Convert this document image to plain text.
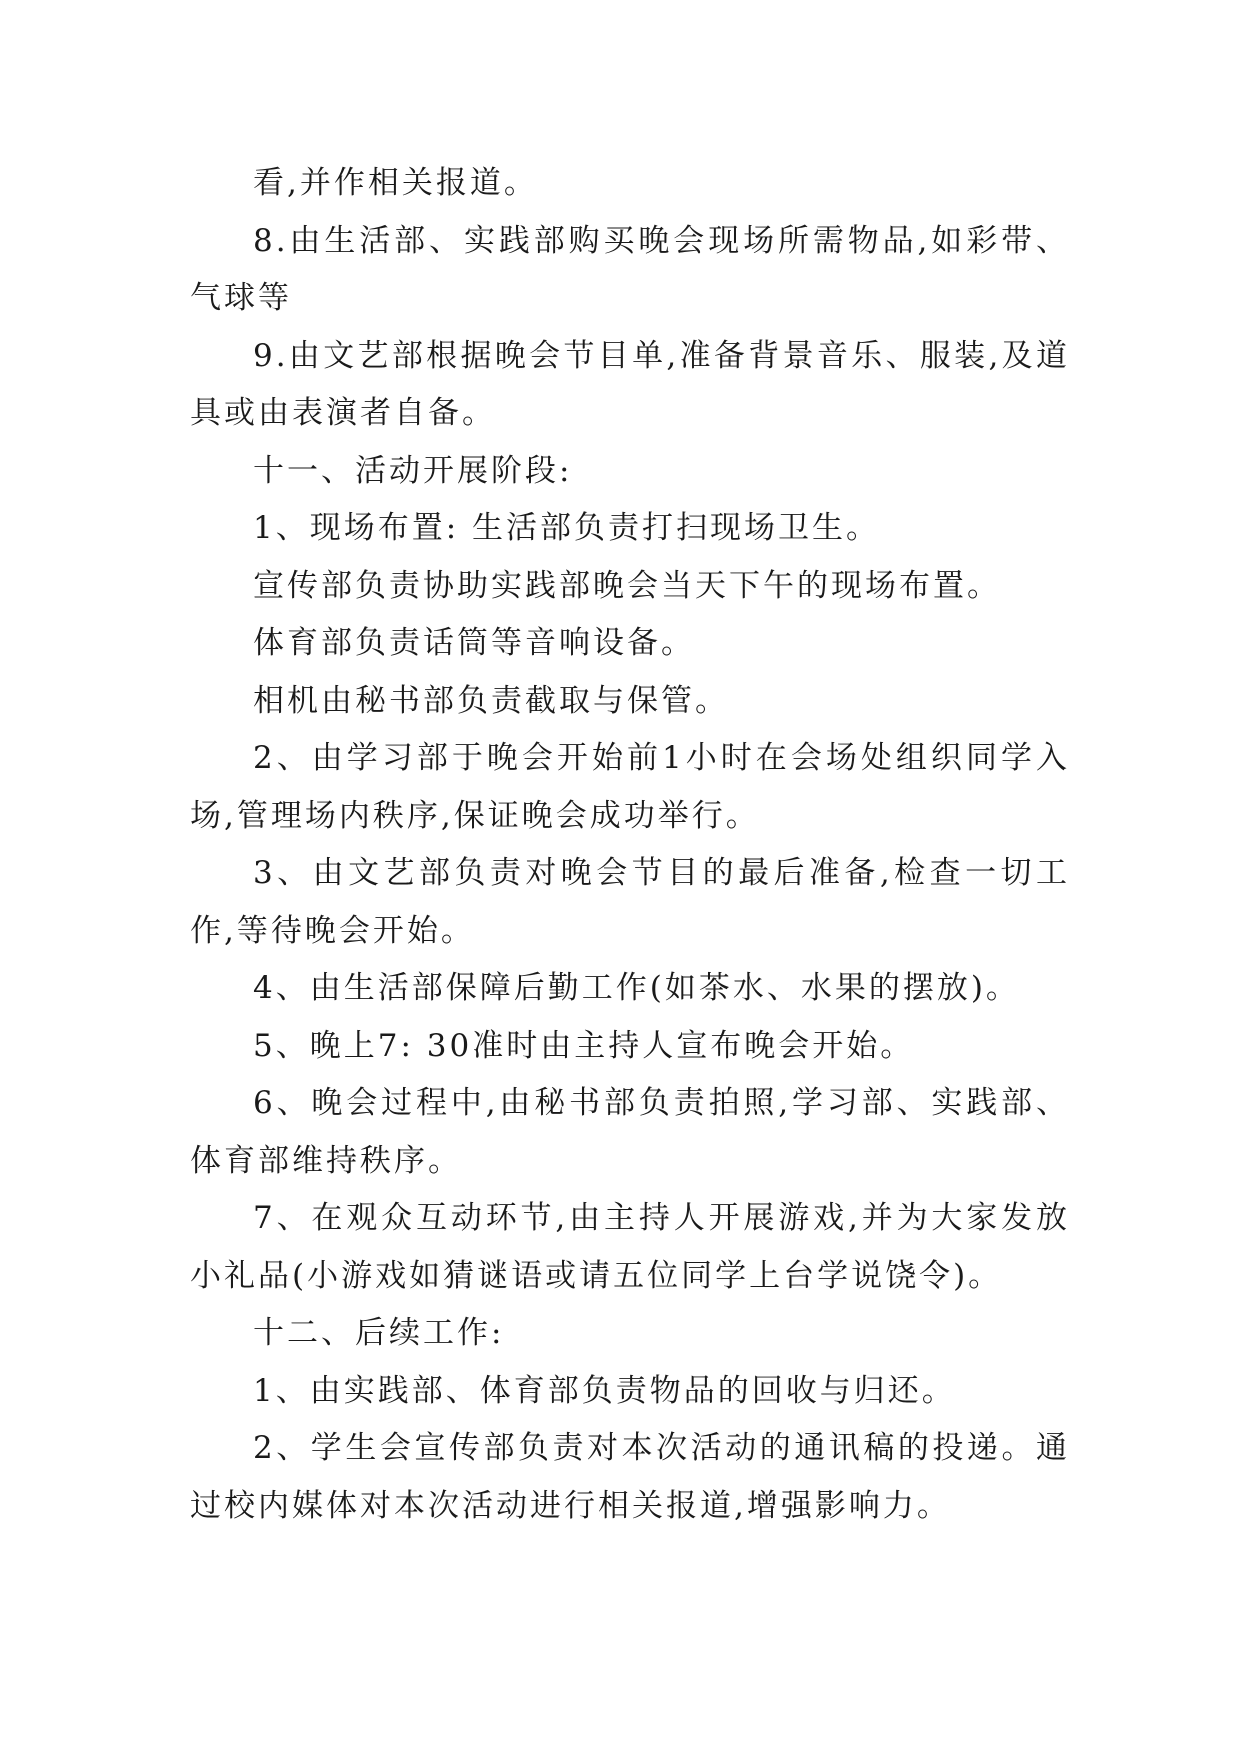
看,并作相关报道。

8.由生活部、实践部购买晚会现场所需物品,如彩带、气球等

9.由文艺部根据晚会节目单,准备背景音乐、服装,及道具或由表演者自备。

十一、活动开展阶段:

1、现场布置: 生活部负责打扫现场卫生。

宣传部负责协助实践部晚会当天下午的现场布置。

体育部负责话筒等音响设备。

相机由秘书部负责截取与保管。

2、由学习部于晚会开始前1小时在会场处组织同学入场,管理场内秩序,保证晚会成功举行。

3、由文艺部负责对晚会节目的最后准备,检查一切工作,等待晚会开始。

4、由生活部保障后勤工作(如茶水、水果的摆放)。

5、晚上7: 30准时由主持人宣布晚会开始。

6、晚会过程中,由秘书部负责拍照,学习部、实践部、体育部维持秩序。

7、在观众互动环节,由主持人开展游戏,并为大家发放小礼品(小游戏如猜谜语或请五位同学上台学说饶令)。

十二、后续工作:

1、由实践部、体育部负责物品的回收与归还。

2、学生会宣传部负责对本次活动的通讯稿的投递。通过校内媒体对本次活动进行相关报道,增强影响力。
